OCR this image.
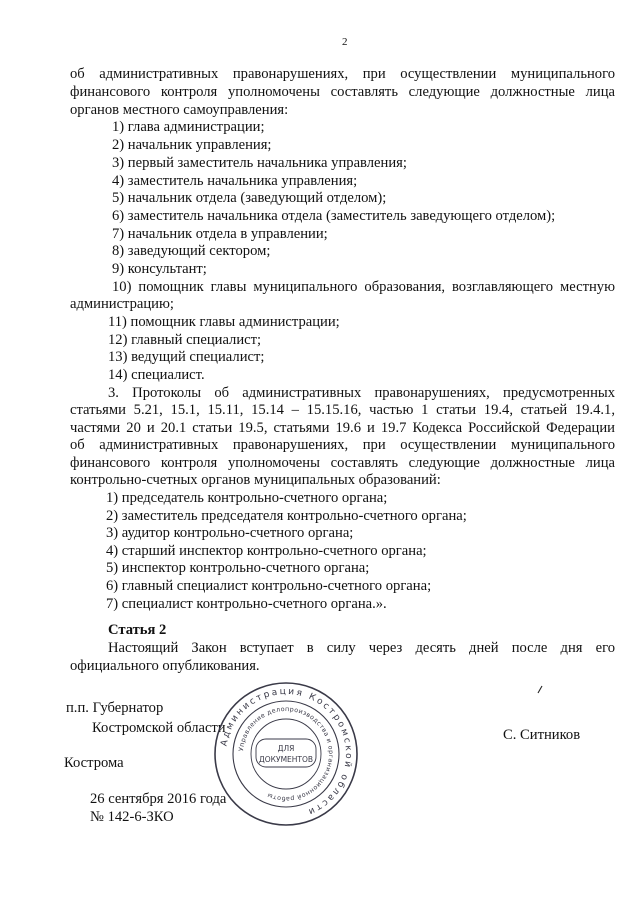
2
об административных правонарушениях, при осуществлении муниципального
финансового контроля уполномочены составлять следующие должностные лица
органов местного самоуправления:
1) глава администрации;
2) начальник управления;
3) первый заместитель начальника управления;
4) заместитель начальника управления;
5) начальник отдела (заведующий отделом);
6) заместитель начальника отдела (заместитель заведующего отделом);
7) начальник отдела в управлении;
8) заведующий сектором;
9) консультант;
10) помощник главы муниципального образования, возглавляющего местную
администрацию;
11) помощник главы администрации;
12) главный специалист;
13) ведущий специалист;
14) специалист.
3. Протоколы об административных правонарушениях, предусмотренных
статьями 5.21, 15.1, 15.11, 15.14 – 15.15.16, частью 1 статьи 19.4, статьей 19.4.1,
частями 20 и 20.1 статьи 19.5, статьями 19.6 и 19.7 Кодекса Российской Федерации
об административных правонарушениях, при осуществлении муниципального
финансового контроля уполномочены составлять следующие должностные лица
контрольно-счетных органов муниципальных образований:
1) председатель контрольно-счетного органа;
2) заместитель председателя контрольно-счетного органа;
3) аудитор контрольно-счетного органа;
4) старший инспектор контрольно-счетного органа;
5) инспектор контрольно-счетного органа;
6) главный специалист контрольно-счетного органа;
7) специалист контрольно-счетного органа.».
Статья 2
Настоящий Закон вступает в силу через десять дней после дня его
официального опубликования.
п.п. Губернатор
Костромской области	С. Ситников
Кострома
26 сентября 2016 года
№ 142-6-ЗКО
Администрация Костромской области
Управление делопроизводства и организационной работы
ДЛЯ
ДОКУМЕНТОВ
